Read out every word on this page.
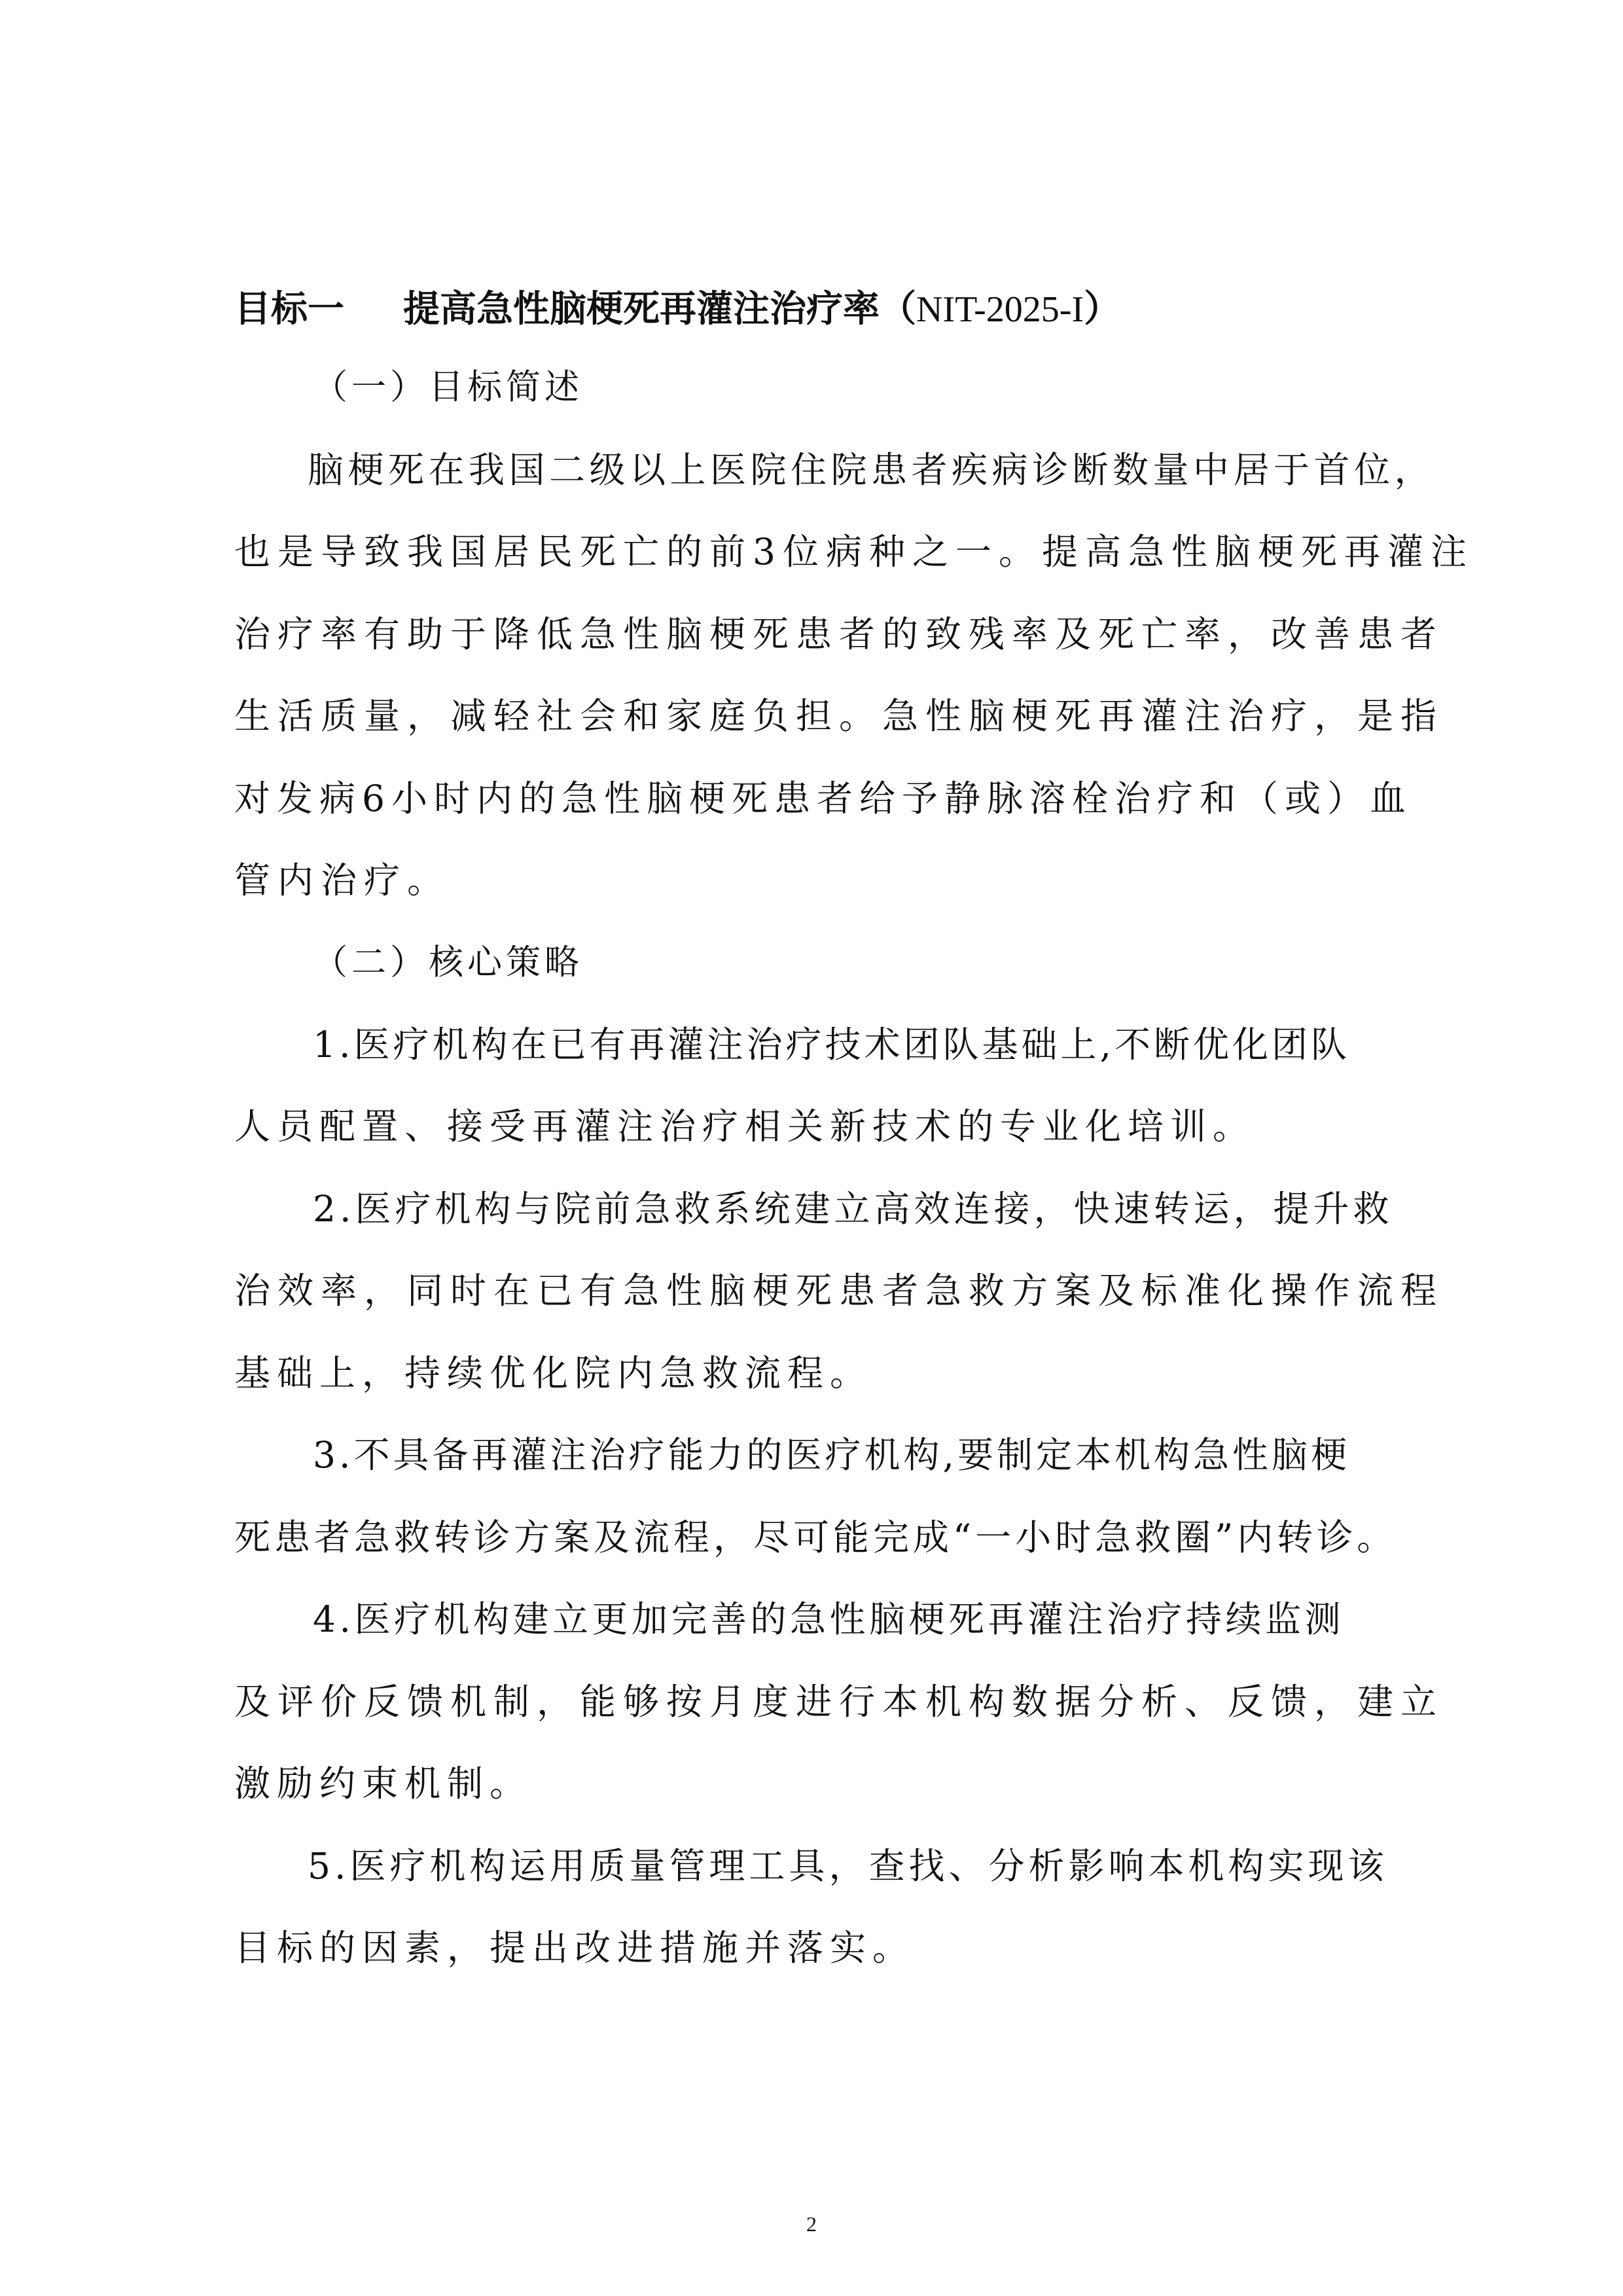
目标一 提高急性脑梗死再灌注治疗率（NIT-2025-I）
（一）目标简述
脑梗死在我国二级以上医院住院患者疾病诊断数量中居于首位，
也是导致我国居民死亡的前3位病种之一。提高急性脑梗死再灌注
治疗率有助于降低急性脑梗死患者的致残率及死亡率，改善患者
生活质量，减轻社会和家庭负担。急性脑梗死再灌注治疗，是指
对发病6小时内的急性脑梗死患者给予静脉溶栓治疗和（或）血
管内治疗。
（二）核心策略
1.医疗机构在已有再灌注治疗技术团队基础上,不断优化团队
人员配置、接受再灌注治疗相关新技术的专业化培训。
2.医疗机构与院前急救系统建立高效连接，快速转运，提升救
治效率，同时在已有急性脑梗死患者急救方案及标准化操作流程
基础上，持续优化院内急救流程。
3.不具备再灌注治疗能力的医疗机构,要制定本机构急性脑梗
死患者急救转诊方案及流程，尽可能完成“一小时急救圈”内转诊。
4.医疗机构建立更加完善的急性脑梗死再灌注治疗持续监测
及评价反馈机制，能够按月度进行本机构数据分析、反馈，建立
激励约束机制。
5.医疗机构运用质量管理工具，查找、分析影响本机构实现该
目标的因素，提出改进措施并落实。
2
